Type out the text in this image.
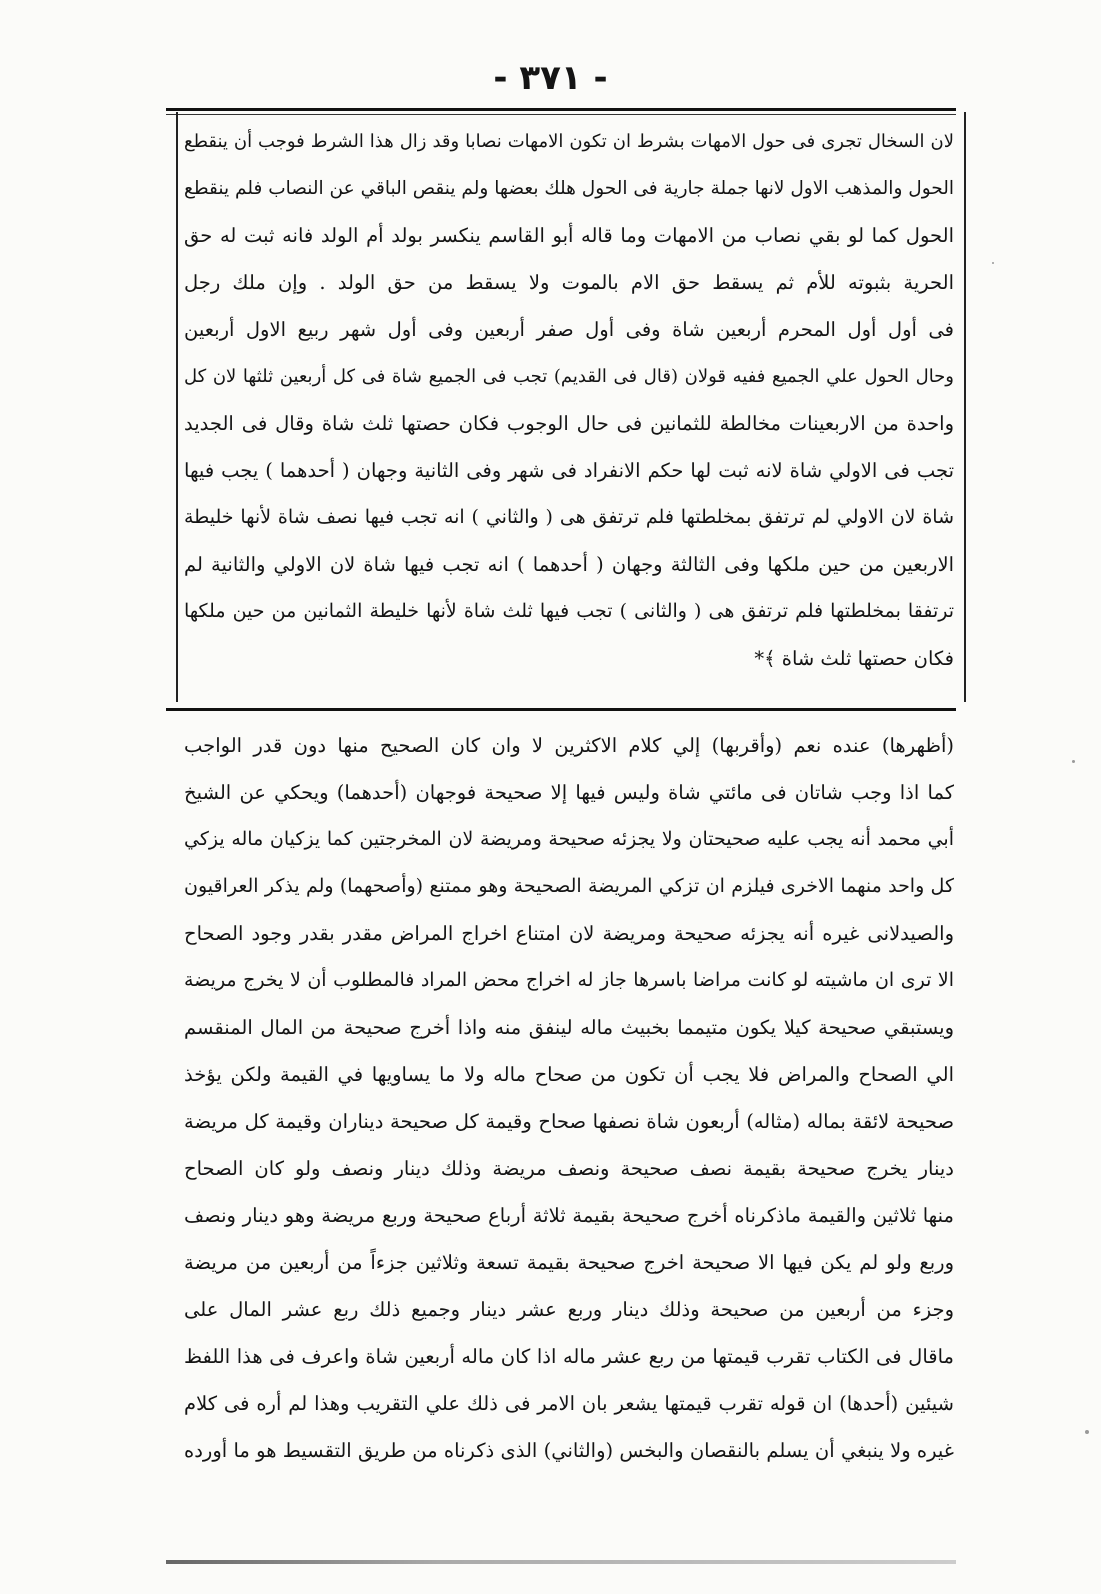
- ٣٧١ -
لان السخال تجرى فى حول الامهات بشرط ان تكون الامهات نصابا وقد زال هذا الشرط فوجب أن ينقطع
الحول والمذهب الاول لانها جملة جارية فى الحول هلك بعضها ولم ينقص الباقي عن النصاب فلم ينقطع
الحول كما لو بقي نصاب من الامهات وما قاله أبو القاسم ينكسر بولد أم الولد فانه ثبت له حق
الحرية بثبوته للأم ثم يسقط حق الام بالموت ولا يسقط من حق الولد . وإن ملك رجل
فى أول أول المحرم أربعين شاة وفى أول صفر أربعين وفى أول شهر ربيع الاول أربعين
وحال الحول علي الجميع ففيه قولان (قال فى القديم) تجب فى الجميع شاة فى كل أربعين ثلثها لان كل
واحدة من الاربعينات مخالطة للثمانين فى حال الوجوب فكان حصتها ثلث شاة وقال فى الجديد
تجب فى الاولي شاة لانه ثبت لها حكم الانفراد فى شهر وفى الثانية وجهان ( أحدهما ) يجب فيها
شاة لان الاولي لم ترتفق بمخلطتها فلم ترتفق هى ( والثاني ) انه تجب فيها نصف شاة لأنها خليطة
الاربعين من حين ملكها وفى الثالثة وجهان ( أحدهما ) انه تجب فيها شاة لان الاولي والثانية لم
ترتفقا بمخلطتها فلم ترتفق هى ( والثانى ) تجب فيها ثلث شاة لأنها خليطة الثمانين من حين ملكها
فكان حصتها ثلث شاة ﴾*
(أظهرها) عنده نعم (وأقربها) إلي كلام الاكثرين لا وان كان الصحيح منها دون قدر الواجب
كما اذا وجب شاتان فى مائتي شاة وليس فيها إلا صحيحة فوجهان (أحدهما) ويحكي عن الشيخ
أبي محمد أنه يجب عليه صحيحتان ولا يجزئه صحيحة ومريضة لان المخرجتين كما يزكيان ماله يزكي
كل واحد منهما الاخرى فيلزم ان تزكي المريضة الصحيحة وهو ممتنع (وأصحهما) ولم يذكر العراقيون
والصيدلانى غيره أنه يجزئه صحيحة ومريضة لان امتناع اخراج المراض مقدر بقدر وجود الصحاح
الا ترى ان ماشيته لو كانت مراضا باسرها جاز له اخراج محض المراد فالمطلوب أن لا يخرج مريضة
ويستبقي صحيحة كيلا يكون متيمما بخبيث ماله لينفق منه واذا أخرج صحيحة من المال المنقسم
الي الصحاح والمراض فلا يجب أن تكون من صحاح ماله ولا ما يساويها في القيمة ولكن يؤخذ
صحيحة لائقة بماله (مثاله) أربعون شاة نصفها صحاح وقيمة كل صحيحة ديناران وقيمة كل مريضة
دينار يخرج صحيحة بقيمة نصف صحيحة ونصف مريضة وذلك دينار ونصف ولو كان الصحاح
منها ثلاثين والقيمة ماذكرناه أخرج صحيحة بقيمة ثلاثة أرباع صحيحة وربع مريضة وهو دينار ونصف
وربع ولو لم يكن فيها الا صحيحة اخرج صحيحة بقيمة تسعة وثلاثين جزءاً من أربعين من مريضة
وجزء من أربعين من صحيحة وذلك دينار وربع عشر دينار وجميع ذلك ربع عشر المال على
ماقال فى الكتاب تقرب قيمتها من ربع عشر ماله اذا كان ماله أربعين شاة واعرف فى هذا اللفظ
شيئين (أحدها) ان قوله تقرب قيمتها يشعر بان الامر فى ذلك علي التقريب وهذا لم أره فى كلام
غيره ولا ينبغي أن يسلم بالنقصان والبخس (والثاني) الذى ذكرناه من طريق التقسيط هو ما أورده
